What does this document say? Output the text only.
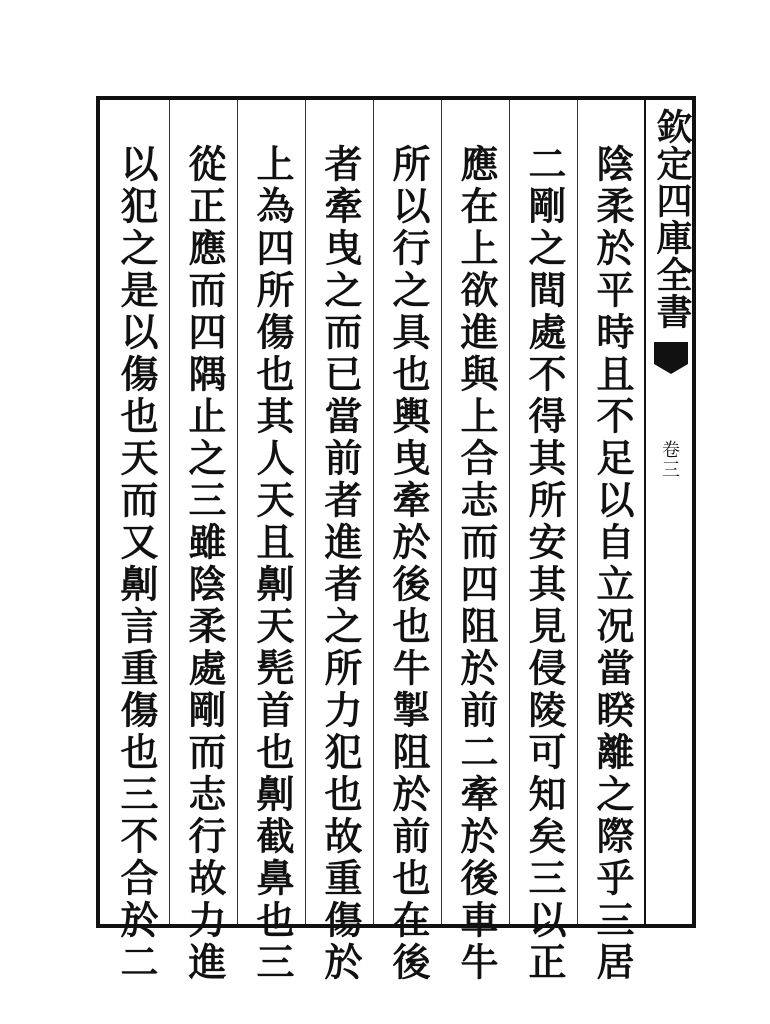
陰柔於平時且不足以自立况當睽離之際乎三居
二剛之間處不得其所安其見侵陵可知矣三以正
應在上欲進與上合志而四阻於前二牽於後車牛
所以行之具也輿曳牽於後也牛掣阻於前也在後
者牽曳之而已當前者進者之所力犯也故重傷於
上為四所傷也其人天且劓天髡首也劓截鼻也三
從正應而四隅止之三雖陰柔處剛而志行故力進
以犯之是以傷也天而又劓言重傷也三不合於二	欽定四庫全書
卷三
